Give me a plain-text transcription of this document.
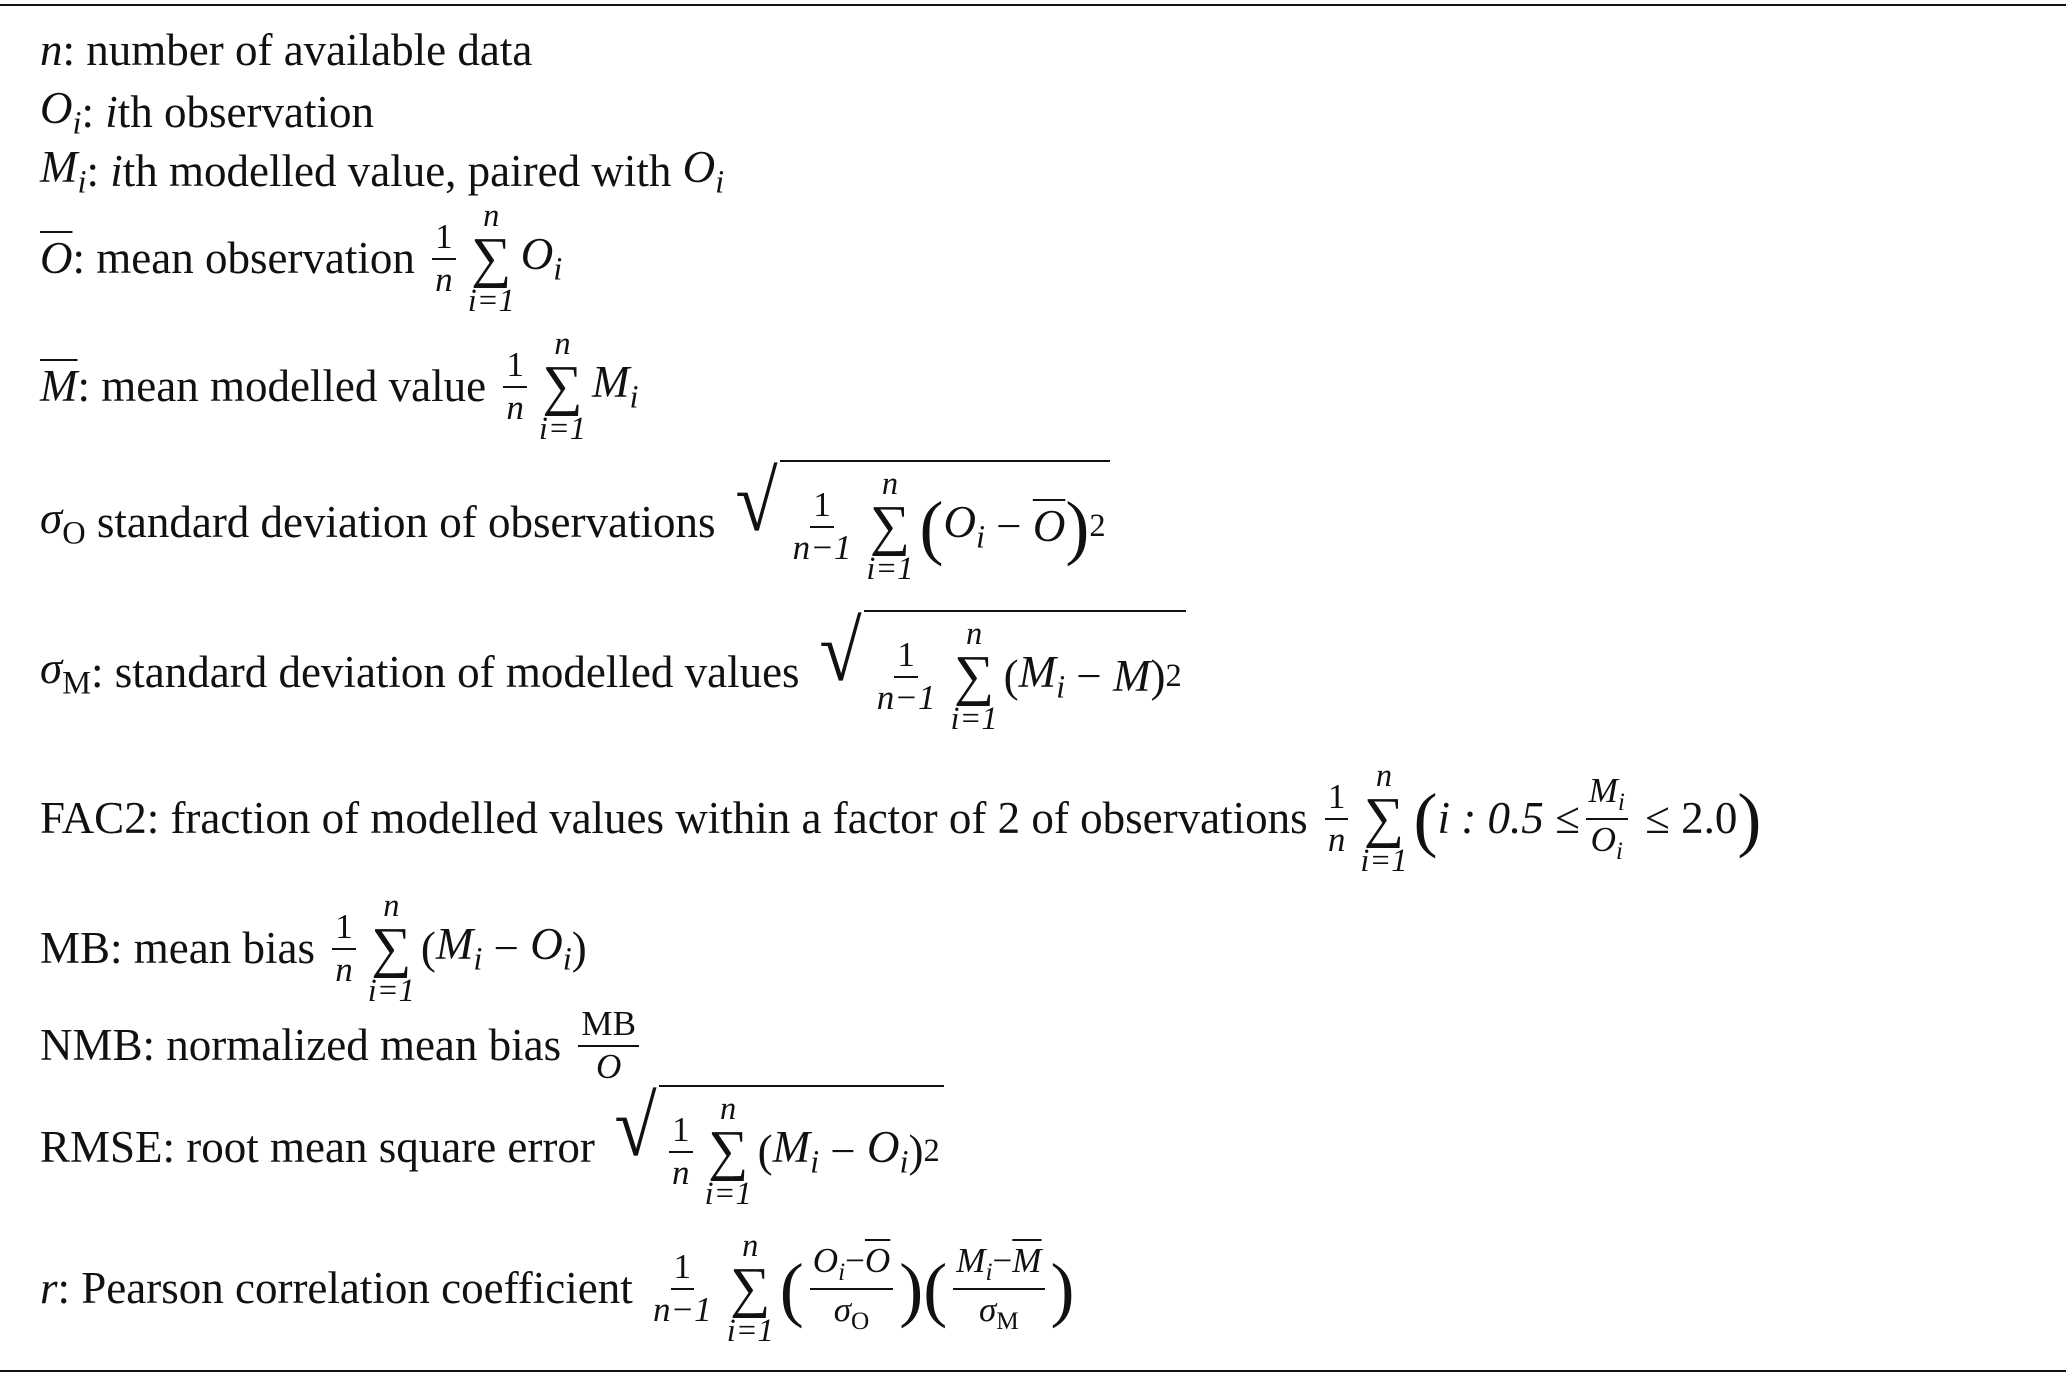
n : number of available data
$O_i$ : i th observation
$M_i$ : i th modelled value, paired with $O_i$
$\overline{O}$ : mean observation $\frac{1}{n}$
n
∑
i=1
$O_i$
$\overline{M}$ : mean modelled value $\frac{1}{n}$
n
∑
i=1
$M_i$
$\sigma_O$ standard deviation of observations √ $\frac{1}{n-1}$
n
∑
i=1
( $O_i - \overline{O}$ ) 2
$\sigma_M$ : standard deviation of modelled values √ $\frac{1}{n-1}$
n
∑
i=1
( $M_i - M$ ) 2
FAC2: fraction of modelled values within a factor of 2 of observations $\frac{1}{n}$
n
∑
i=1
( i : $0.5 \le \frac{M_i}{O_i} \le 2.0$ )
MB: mean bias $\frac{1}{n}$
n
∑
i=1
( $M_i - O_i$ )
NMB: normalized mean bias $\frac{MB}{O}$
RMSE: root mean square error √ $\frac{1}{n}$
n
∑
i=1
( $M_i - O_i$ ) 2
r : Pearson correlation coefficient $\frac{1}{n-1}$
n
∑
i=1
( $\frac{O_i-\overline{O}}{\sigma_O}$ ) ( $\frac{M_i-\overline{M}}{\sigma_M}$ )
